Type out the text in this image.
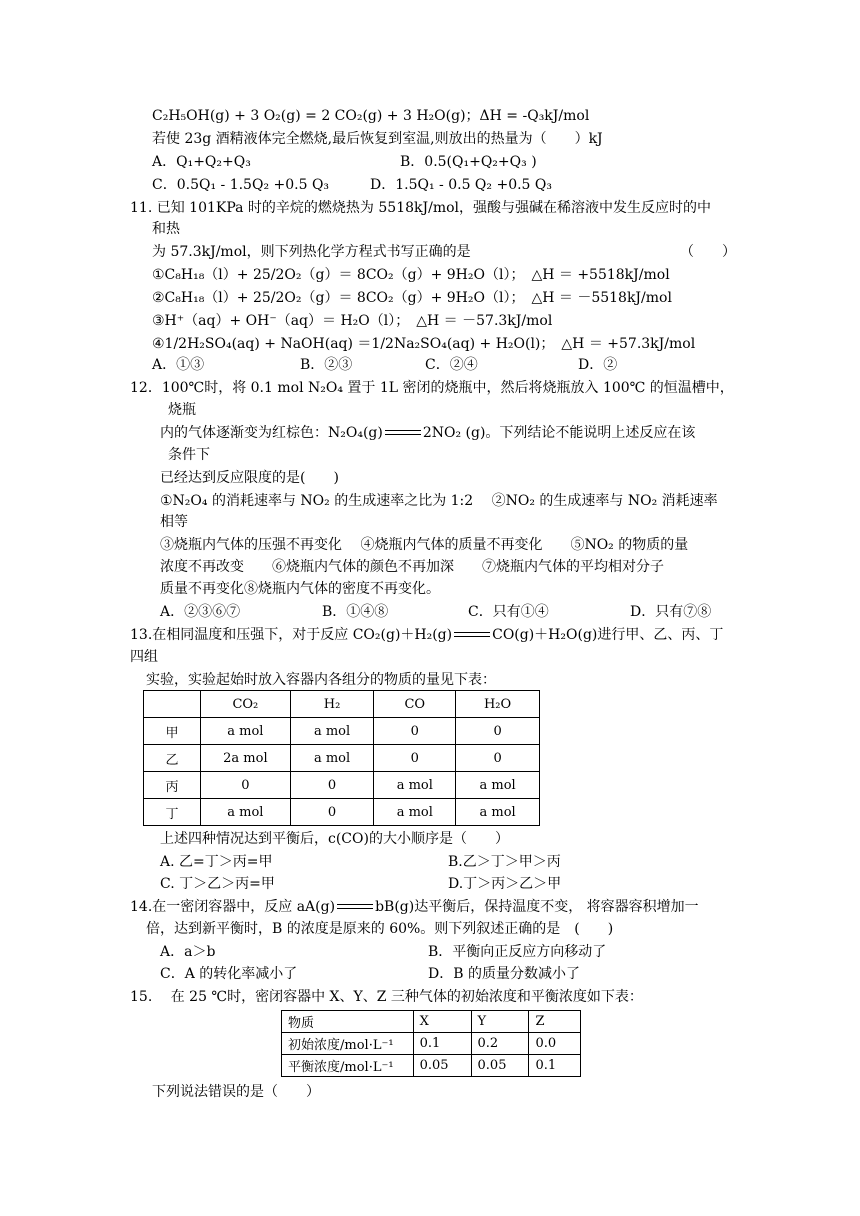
C₂H₅OH(g) + 3 O₂(g) = 2 CO₂(g) + 3 H₂O(g)；ΔH = -Q₃kJ/mol
若使 23g 酒精液体完全燃烧,最后恢复到室温,则放出的热量为（　　）kJ
A．Q₁+Q₂+Q₃	B．0.5(Q₁+Q₂+Q₃ )
C．0.5Q₁ - 1.5Q₂ +0.5 Q₃	D．1.5Q₁ - 0.5 Q₂ +0.5 Q₃
11. 已知 101KPa 时的辛烷的燃烧热为 5518kJ/mol，强酸与强碱在稀溶液中发生反应时的中
和热
为 57.3kJ/mol，则下列热化学方程式书写正确的是	（　　）
①C₈H₁₈（l）+ 25/2O₂（g）＝ 8CO₂（g）+ 9H₂O（l）；　△H ＝ +5518kJ/mol
②C₈H₁₈（l）+ 25/2O₂（g）＝ 8CO₂（g）+ 9H₂O（l）；　△H ＝ －5518kJ/mol
③H⁺（aq）+ OH⁻（aq）＝ H₂O（l）；　△H ＝ －57.3kJ/mol
④1/2H₂SO₄(aq) + NaOH(aq) ＝1/2Na₂SO₄(aq) + H₂O(l)；　△H ＝ +57.3kJ/mol
A．①③	B．②③	C．②④	D．②
12．100℃时，将 0.1 mol N₂O₄ 置于 1L 密闭的烧瓶中，然后将烧瓶放入 100℃ 的恒温槽中，
烧瓶
内的气体逐渐变为红棕色：N₂O₄(g)	2NO₂ (g)。下列结论不能说明上述反应在该
条件下
已经达到反应限度的是(　　)
①N₂O₄ 的消耗速率与 NO₂ 的生成速率之比为 1:2　 ②NO₂ 的生成速率与 NO₂ 消耗速率
相等
③烧瓶内气体的压强不再变化　 ④烧瓶内气体的质量不再变化　　⑤NO₂ 的物质的量
浓度不再改变　　⑥烧瓶内气体的颜色不再加深　　⑦烧瓶内气体的平均相对分子
质量不再变化⑧烧瓶内气体的密度不再变化。
A．②③⑥⑦	B．①④⑧	C．只有①④	D．只有⑦⑧
13.在相同温度和压强下，对于反应 CO₂(g)＋H₂(g)	CO(g)＋H₂O(g)进行甲、乙、丙、丁
四组
实验，实验起始时放入容器内各组分的物质的量见下表：
	CO₂	H₂	CO	H₂O
甲	a mol	a mol	0	0
乙	2a mol	a mol	0	0
丙	0	0	a mol	a mol
丁	a mol	0	a mol	a mol
上述四种情况达到平衡后，c(CO)的大小顺序是（　　）
A. 乙=丁＞丙=甲	B.乙＞丁＞甲＞丙
C. 丁＞乙＞丙=甲	D.丁＞丙＞乙＞甲
14.在一密闭容器中，反应 aA(g)	bB(g)达平衡后，保持温度不变， 将容器容积增加一
倍，达到新平衡时，B 的浓度是原来的 60%。则下列叙述正确的是　(　　)
A．a＞b	B．平衡向正反应方向移动了
C．A 的转化率减小了	D．B 的质量分数减小了
15.　 在 25 ℃时，密闭容器中 X、Y、Z 三种气体的初始浓度和平衡浓度如下表：
物质	X	Y	Z
初始浓度/mol·L⁻¹	0.1	0.2	0.0
平衡浓度/mol·L⁻¹	0.05	0.05	0.1
下列说法错误的是（　　）
